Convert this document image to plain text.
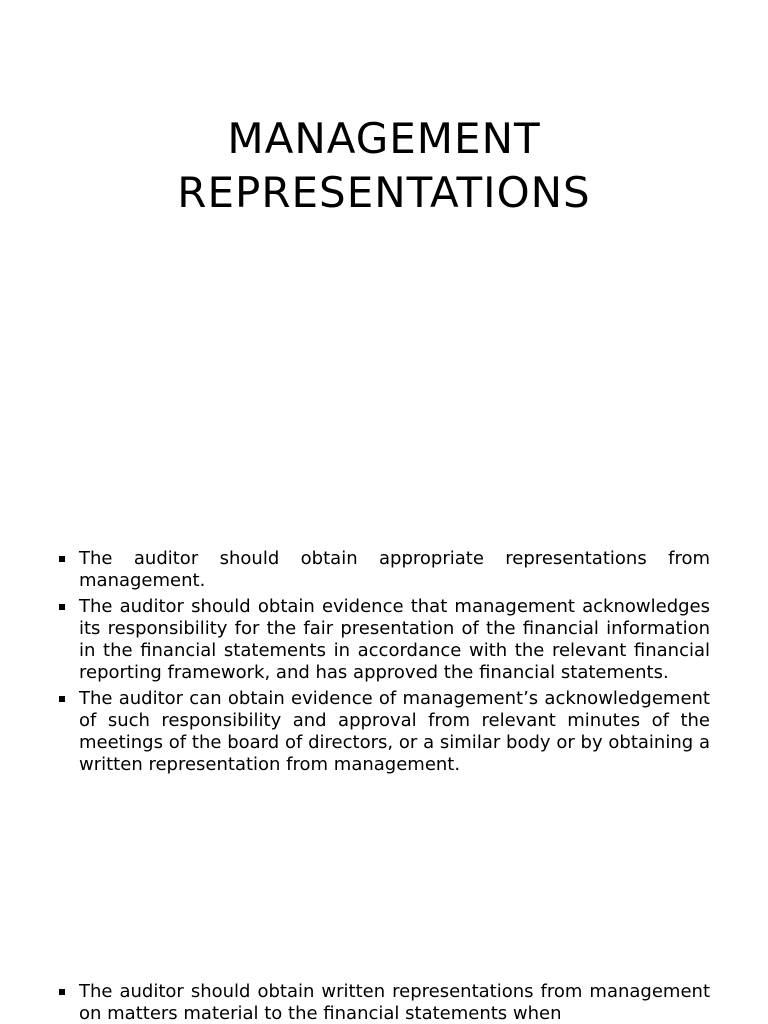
MANAGEMENT
REPRESENTATIONS
The auditor should obtain appropriate representations from management.
The auditor should obtain evidence that management acknowledges its responsibility for the fair presentation of the financial information in the financial statements in accordance with the relevant financial reporting framework, and has approved the financial statements.
The auditor can obtain evidence of management’s acknowledgement of such responsibility and approval from relevant minutes of the meetings of the board of directors, or a similar body or by obtaining a written representation from management.
The auditor should obtain written representations from management on matters material to the financial statements when
